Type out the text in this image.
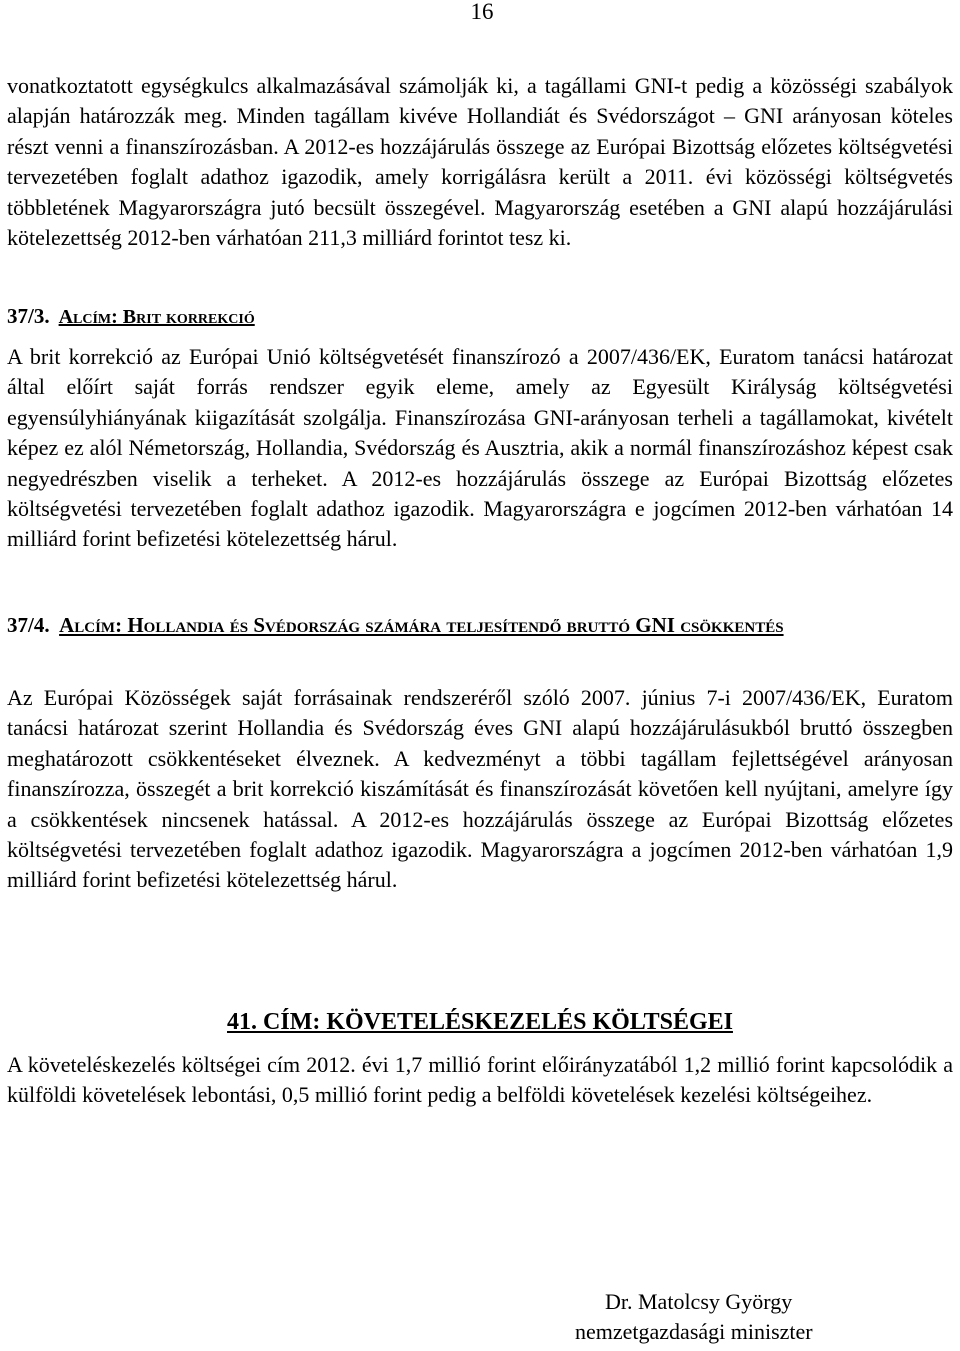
16

vonatkoztatott egységkulcs alkalmazásával számolják ki, a tagállami GNI-t pedig a közösségi szabályok alapján határozzák meg. Minden tagállam kivéve Hollandiát és Svédországot – GNI arányosan köteles részt venni a finanszírozásban. A 2012-es hozzájárulás összege az Európai Bizottság előzetes költségvetési tervezetében foglalt adathoz igazodik, amely korrigálásra került a 2011. évi közösségi költségvetés többletének Magyarországra jutó becsült összegével. Magyarország esetében a GNI alapú hozzájárulási kötelezettség 2012-ben várhatóan 211,3 milliárd forintot tesz ki.

37/3. Alcím: Brit korrekció

A brit korrekció az Európai Unió költségvetését finanszírozó a 2007/436/EK, Euratom tanácsi határozat által előírt saját forrás rendszer egyik eleme, amely az Egyesült Királyság költségvetési egyensúlyhiányának kiigazítását szolgálja. Finanszírozása GNI-arányosan terheli a tagállamokat, kivételt képez ez alól Németország, Hollandia, Svédország és Ausztria, akik a normál finanszírozáshoz képest csak negyedrészben viselik a terheket. A 2012-es hozzájárulás összege az Európai Bizottság előzetes költségvetési tervezetében foglalt adathoz igazodik. Magyarországra e jogcímen 2012-ben várhatóan 14 milliárd forint befizetési kötelezettség hárul.

37/4. Alcím: Hollandia és Svédország számára teljesítendő bruttó GNI csökkentés

Az Európai Közösségek saját forrásainak rendszeréről szóló 2007. június 7-i 2007/436/EK, Euratom tanácsi határozat szerint Hollandia és Svédország éves GNI alapú hozzájárulásukból bruttó összegben meghatározott csökkentéseket élveznek. A kedvezményt a többi tagállam fejlettségével arányosan finanszírozza, összegét a brit korrekció kiszámítását és finanszírozását követően kell nyújtani, amelyre így a csökkentések nincsenek hatással. A 2012-es hozzájárulás összege az Európai Bizottság előzetes költségvetési tervezetében foglalt adathoz igazodik. Magyarországra a jogcímen 2012-ben várhatóan 1,9 milliárd forint befizetési kötelezettség hárul.

41. CÍM: KÖVETELÉSKEZELÉS KÖLTSÉGEI

A követeléskezelés költségei cím 2012. évi 1,7 millió forint előirányzatából 1,2 millió forint kapcsolódik a külföldi követelések lebontási, 0,5 millió forint pedig a belföldi követelések kezelési költségeihez.

Dr. Matolcsy György
nemzetgazdasági miniszter
